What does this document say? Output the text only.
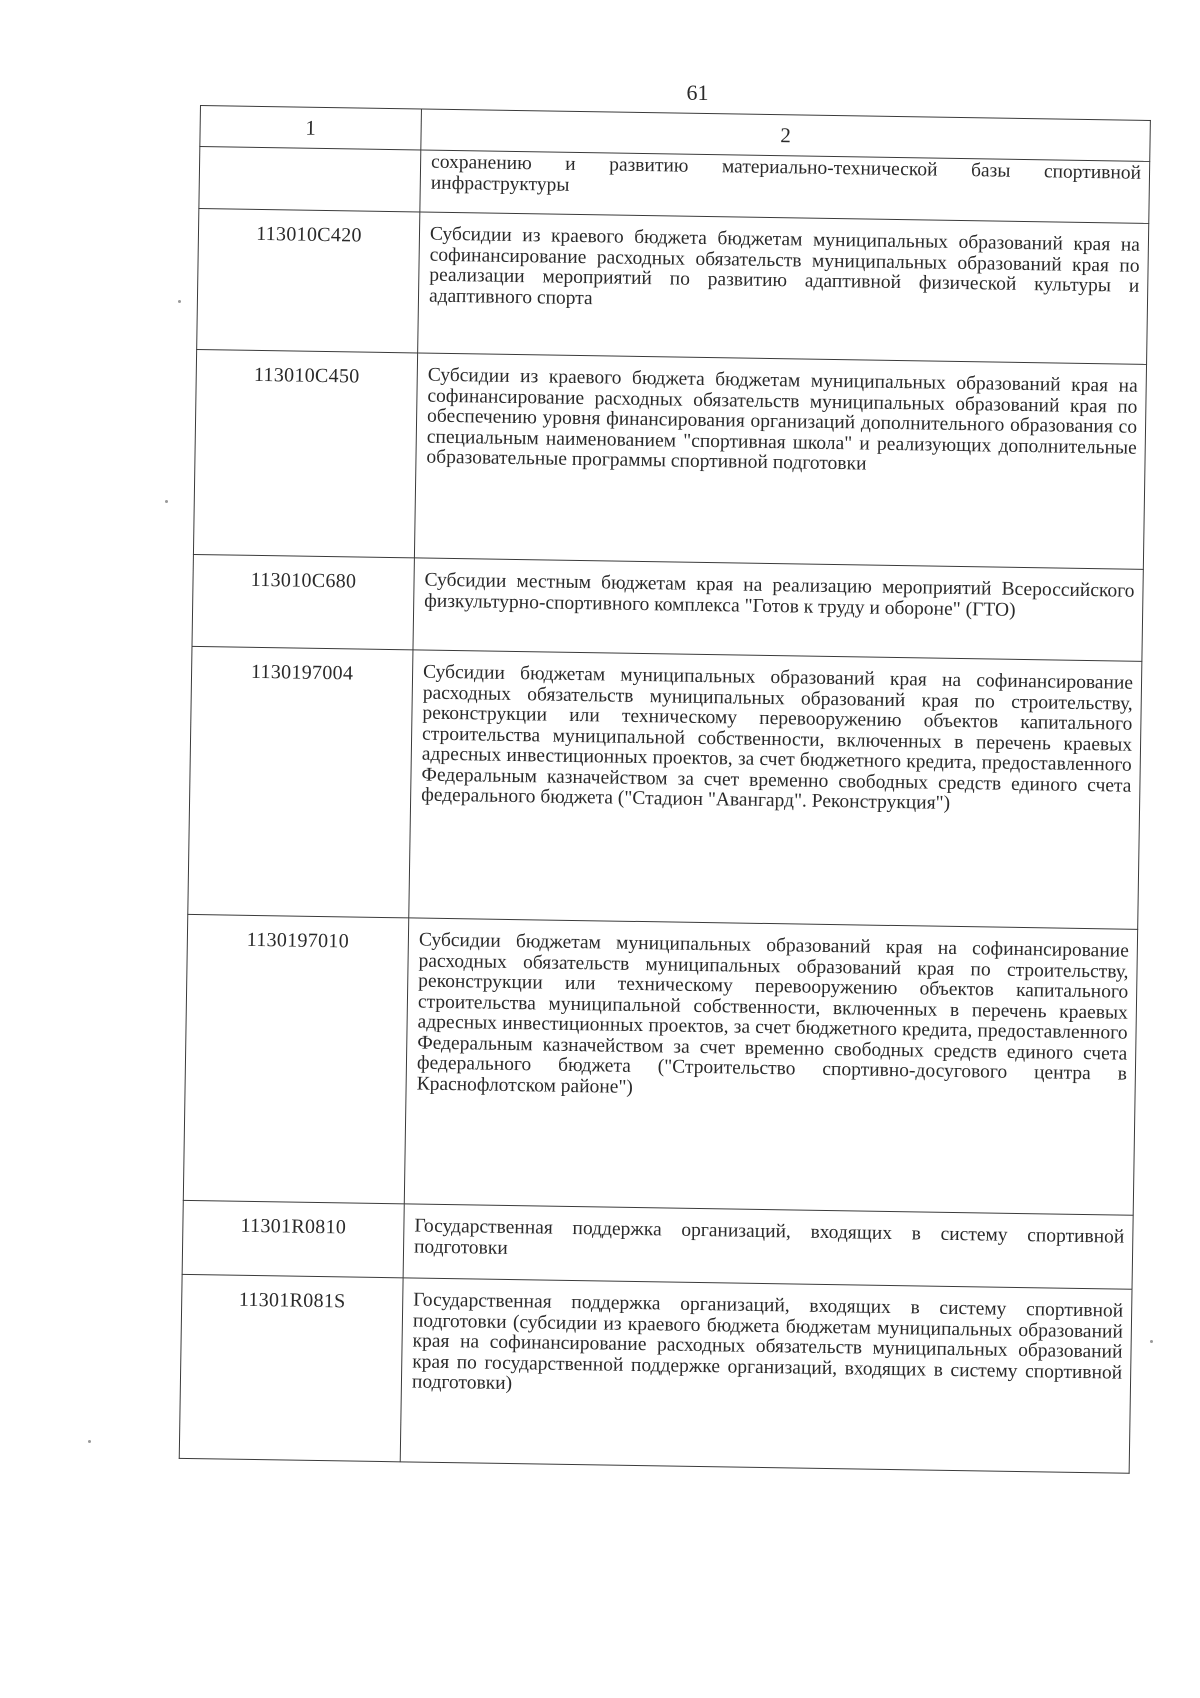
61
1	2
	сохранению и развитию материально-технической базы спортивной инфраструктуры
113010С420	Субсидии из краевого бюджета бюджетам муниципальных образований края на софинансирование расходных обязательств муниципальных образований края по реализации мероприятий по развитию адаптивной физической культуры и адаптивного спорта
113010С450	Субсидии из краевого бюджета бюджетам муниципальных образований края на софинансирование расходных обязательств муниципальных образований края по обеспечению уровня финансирования организаций дополнительного образования со специальным наименованием "спортивная школа" и реализующих дополнительные образовательные программы спортивной подготовки
113010С680	Субсидии местным бюджетам края на реализацию мероприятий Всероссийского физкультурно-спортивного комплекса "Готов к труду и обороне" (ГТО)
1130197004	Субсидии бюджетам муниципальных образований края на софинансирование расходных обязательств муниципальных образований края по строительству, реконструкции или техническому перевооружению объектов капитального строительства муниципальной собственности, включенных в перечень краевых адресных инвестиционных проектов, за счет бюджетного кредита, предоставленного Федеральным казначейством за счет временно свободных средств единого счета федерального бюджета ("Стадион "Авангард". Реконструкция")
1130197010	Субсидии бюджетам муниципальных образований края на софинансирование расходных обязательств муниципальных образований края по строительству, реконструкции или техническому перевооружению объектов капитального строительства муниципальной собственности, включенных в перечень краевых адресных инвестиционных проектов, за счет бюджетного кредита, предоставленного Федеральным казначейством за счет временно свободных средств единого счета федерального бюджета ("Строительство спортивно-досугового центра в Краснофлотском районе")
11301R0810	Государственная поддержка организаций, входящих в систему спортивной подготовки
11301R081S	Государственная поддержка организаций, входящих в систему спортивной подготовки (субсидии из краевого бюджета бюджетам муниципальных образований края на софинансирование расходных обязательств муниципальных образований края по государственной поддержке организаций, входящих в систему спортивной подготовки)
